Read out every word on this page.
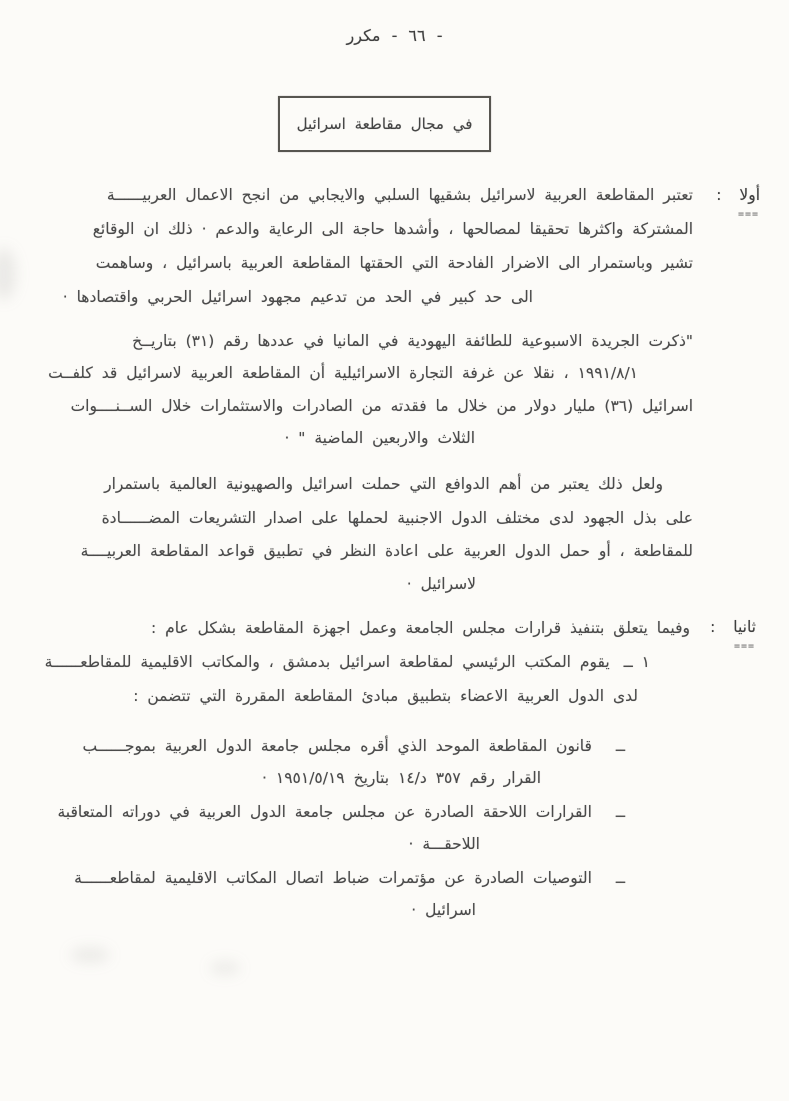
- ٦٦ - مكرر
في مجال مقاطعة اسرائيل
أولا :
===
تعتبر المقاطعة العربية لاسرائيل بشقيها السلبي والايجابي من انجح الاعمال العربيــــــة
المشتركة واكثرها تحقيقا لمصالحها ، وأشدها حاجة الى الرعاية والدعم · ذلك ان الوقائع
تشير وباستمرار الى الاضرار الفادحة التي الحقتها المقاطعة العربية باسرائيل ، وساهمت
الى حد كبير في الحد من تدعيم مجهود اسرائيل الحربي واقتصادها ·
"ذكرت الجريدة الاسبوعية للطائفة اليهودية في المانيا في عددها رقم (٣١) بتاريــخ
١٩٩١/٨/١ ، نقلا عن غرفة التجارة الاسرائيلية أن المقاطعة العربية لاسرائيل قد كلفــت
اسرائيل (٣٦) مليار دولار من خلال ما فقدته من الصادرات والاستثمارات خلال الســنــــوات
الثلاث والاربعين الماضية " ·
ولعل ذلك يعتبر من أهم الدوافع التي حملت اسرائيل والصهيونية العالمية باستمرار
على بذل الجهود لدى مختلف الدول الاجنبية لحملها على اصدار التشريعات المضــــــادة
للمقاطعة ، أو حمل الدول العربية على اعادة النظر في تطبيق قواعد المقاطعة العربيــــة
لاسرائيل ·
ثانيا :
===
وفيما يتعلق بتنفيذ قرارات مجلس الجامعة وعمل اجهزة المقاطعة بشكل عام :
١ ــيقوم المكتب الرئيسي لمقاطعة اسرائيل بدمشق ، والمكاتب الاقليمية للمقاطعــــــة
لدى الدول العربية الاعضاء بتطبيق مبادئ المقاطعة المقررة التي تتضمن :
ــقانون المقاطعة الموحد الذي أقره مجلس جامعة الدول العربية بموجــــــب
القرار رقم ٣٥٧ د/١٤ بتاريخ ١٩٥١/٥/١٩ ·
ــالقرارات اللاحقة الصادرة عن مجلس جامعة الدول العربية في دوراته المتعاقبة
اللاحقـــة ·
ــالتوصيات الصادرة عن مؤتمرات ضباط اتصال المكاتب الاقليمية لمقاطعــــــة
اسرائيل ·
